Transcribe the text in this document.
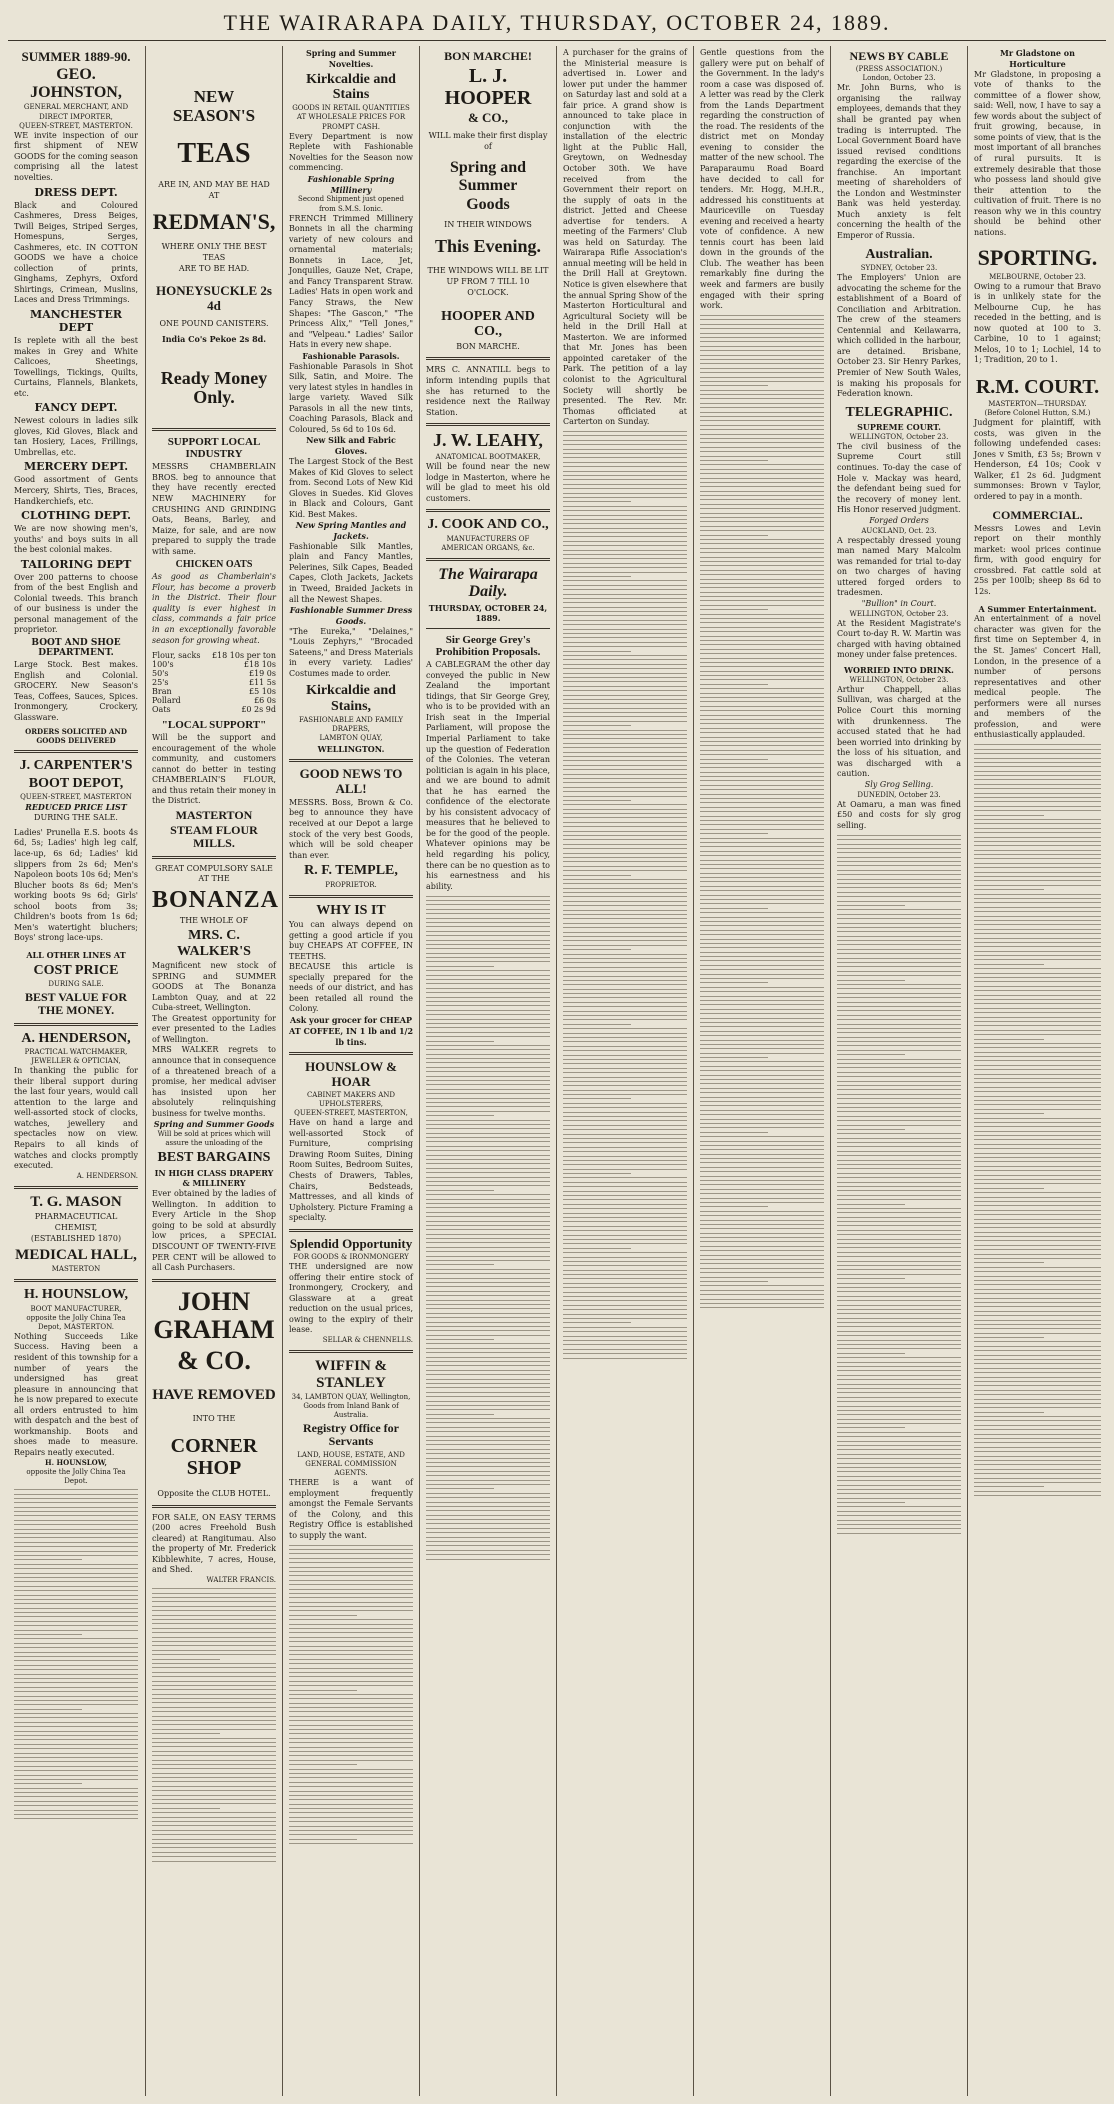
THE WAIRARAPA DAILY, THURSDAY, OCTOBER 24, 1889.
SUMMER 1889-90.
GEO. JOHNSTON,
GENERAL MERCHANT, AND DIRECT IMPORTER,
QUEEN-STREET, MASTERTON.
WE invite inspection of our first shipment of NEW GOODS for the coming season comprising all the latest novelties.
DRESS DEPT.
Black and Coloured Cashmeres, Dress Beiges, Twill Beiges, Striped Serges, Homespuns, Serges, Cashmeres, etc. IN COTTON GOODS we have a choice collection of prints, Ginghams, Zephyrs, Oxford Shirtings, Crimean, Muslins, Laces and Dress Trimmings.
MANCHESTER DEPT
Is replete with all the best makes in Grey and White Calicoes, Sheetings, Towellings, Tickings, Quilts, Curtains, Flannels, Blankets, etc.
FANCY DEPT.
Newest colours in ladies silk gloves, Kid Gloves, Black and tan Hosiery, Laces, Frillings, Umbrellas, etc.
MERCERY DEPT.
Good assortment of Gents Mercery, Shirts, Ties, Braces, Handkerchiefs, etc.
CLOTHING DEPT.
We are now showing men's, youths' and boys suits in all the best colonial makes.
TAILORING DEPT
Over 200 patterns to choose from of the best English and Colonial tweeds. This branch of our business is under the personal management of the proprietor.
BOOT AND SHOE DEPARTMENT.
Large Stock. Best makes. English and Colonial. GROCERY. New Season's Teas, Coffees, Sauces, Spices. Ironmongery, Crockery, Glassware.
ORDERS SOLICITED AND GOODS DELIVERED
J. CARPENTER'S
BOOT DEPOT,
QUEEN-STREET, MASTERTON
REDUCED PRICE LIST
DURING THE SALE.
Ladies' Prunella E.S. boots 4s 6d, 5s; Ladies' high leg calf, lace-up, 6s 6d; Ladies' kid slippers from 2s 6d; Men's Napoleon boots 10s 6d; Men's Blucher boots 8s 6d; Men's working boots 9s 6d; Girls' school boots from 3s; Children's boots from 1s 6d; Men's watertight bluchers; Boys' strong lace-ups.
ALL OTHER LINES AT
COST PRICE
DURING SALE.
BEST VALUE FOR THE MONEY.
A. HENDERSON,
PRACTICAL WATCHMAKER, JEWELLER & OPTICIAN,
In thanking the public for their liberal support during the last four years, would call attention to the large and well-assorted stock of clocks, watches, jewellery and spectacles now on view. Repairs to all kinds of watches and clocks promptly executed.
A. HENDERSON.
T. G. MASON
PHARMACEUTICAL CHEMIST,
(ESTABLISHED 1870)
MEDICAL HALL,
MASTERTON
H. HOUNSLOW,
BOOT MANUFACTURER,
opposite the Jolly China Tea Depot, MASTERTON.
Nothing Succeeds Like Success. Having been a resident of this township for a number of years the undersigned has great pleasure in announcing that he is now prepared to execute all orders entrusted to him with despatch and the best of workmanship. Boots and shoes made to measure. Repairs neatly executed.
H. HOUNSLOW,
opposite the Jolly China Tea Depot.
NEW SEASON'S
TEAS
ARE IN, AND MAY BE HAD AT
REDMAN'S,
WHERE ONLY THE BEST TEAS
ARE TO BE HAD.
HONEYSUCKLE 2s 4d
ONE POUND CANISTERS.
India Co's Pekoe 2s 8d.
Ready Money Only.
SUPPORT LOCAL INDUSTRY
MESSRS CHAMBERLAIN BROS. beg to announce that they have recently erected NEW MACHINERY for CRUSHING AND GRINDING Oats, Beans, Barley, and Maize, for sale, and are now prepared to supply the trade with same.
CHICKEN OATS
As good as Chamberlain's Flour, has become a proverb in the District. Their flour quality is ever highest in class, commands a fair price in an exceptionally favorable season for growing wheat.
Flour, sacks £18 10s per ton
100's	£18 10s
50's	£19 0s
25's	£11 5s
Bran	£5 10s
Pollard	£6 0s
Oats	£0 2s 9d
"LOCAL SUPPORT"
Will be the support and encouragement of the whole community, and customers cannot do better in testing CHAMBERLAIN'S FLOUR, and thus retain their money in the District.
MASTERTON
STEAM FLOUR MILLS.
GREAT COMPULSORY SALE AT THE
BONANZA
THE WHOLE OF
MRS. C. WALKER'S
Magnificent new stock of SPRING and SUMMER GOODS at The Bonanza Lambton Quay, and at 22 Cuba-street, Wellington.
The Greatest opportunity for ever presented to the Ladies of Wellington.
MRS WALKER regrets to announce that in consequence of a threatened breach of a promise, her medical adviser has insisted upon her absolutely relinquishing business for twelve months.
Spring and Summer Goods
Will be sold at prices which will assure the unloading of the
BEST BARGAINS
IN HIGH CLASS DRAPERY & MILLINERY
Ever obtained by the ladies of Wellington. In addition to Every Article in the Shop going to be sold at absurdly low prices, a SPECIAL DISCOUNT OF TWENTY-FIVE PER CENT will be allowed to all Cash Purchasers.
JOHN GRAHAM
& CO.
HAVE REMOVED
INTO THE
CORNER SHOP
Opposite the CLUB HOTEL.
FOR SALE, ON EASY TERMS (200 acres Freehold Bush cleared) at Rangitumau. Also the property of Mr. Frederick Kibblewhite, 7 acres, House, and Shed.
WALTER FRANCIS.
Spring and Summer Novelties.
Kirkcaldie and Stains
GOODS IN RETAIL QUANTITIES AT WHOLESALE PRICES FOR PROMPT CASH.
Every Department is now Replete with Fashionable Novelties for the Season now commencing.
Fashionable Spring Millinery
Second Shipment just opened from S.M.S. Ionic.
FRENCH Trimmed Millinery Bonnets in all the charming variety of new colours and ornamental materials; Bonnets in Lace, Jet, Jonquilles, Gauze Net, Crape, and Fancy Transparent Straw. Ladies' Hats in open work and Fancy Straws, the New Shapes: "The Gascon," "The Princess Alix," "Tell Jones," and "Velpeau." Ladies' Sailor Hats in every new shape.
Fashionable Parasols.
Fashionable Parasols in Shot Silk, Satin, and Moire. The very latest styles in handles in large variety. Waved Silk Parasols in all the new tints, Coaching Parasols, Black and Coloured, 5s 6d to 10s 6d.
New Silk and Fabric Gloves.
The Largest Stock of the Best Makes of Kid Gloves to select from. Second Lots of New Kid Gloves in Suedes. Kid Gloves in Black and Colours, Gant Kid. Best Makes.
New Spring Mantles and Jackets.
Fashionable Silk Mantles, plain and Fancy Mantles, Pelerines, Silk Capes, Beaded Capes, Cloth Jackets, Jackets in Tweed, Braided Jackets in all the Newest Shapes.
Fashionable Summer Dress Goods.
"The Eureka," "Delaines," "Louis Zephyrs," "Brocaded Sateens," and Dress Materials in every variety. Ladies' Costumes made to order.
Kirkcaldie and Stains,
FASHIONABLE AND FAMILY DRAPERS,
LAMBTON QUAY,
WELLINGTON.
GOOD NEWS TO ALL!
MESSRS. Boss, Brown & Co. beg to announce they have received at our Depot a large stock of the very best Goods, which will be sold cheaper than ever.
R. F. TEMPLE,
PROPRIETOR.
WHY IS IT
You can always depend on getting a good article if you buy CHEAPS AT COFFEE, IN TEETHS.
BECAUSE this article is specially prepared for the needs of our district, and has been retailed all round the Colony.
Ask your grocer for CHEAP AT COFFEE, IN 1 lb and 1/2 lb tins.
HOUNSLOW & HOAR
CABINET MAKERS AND UPHOLSTERERS,
QUEEN-STREET, MASTERTON,
Have on hand a large and well-assorted Stock of Furniture, comprising Drawing Room Suites, Dining Room Suites, Bedroom Suites, Chests of Drawers, Tables, Chairs, Bedsteads, Mattresses, and all kinds of Upholstery. Picture Framing a specialty.
Splendid Opportunity
FOR GOODS & IRONMONGERY
THE undersigned are now offering their entire stock of Ironmongery, Crockery, and Glassware at a great reduction on the usual prices, owing to the expiry of their lease.
SELLAR & CHENNELLS.
WIFFIN & STANLEY
34, LAMBTON QUAY, Wellington,
Goods from Inland Bank of Australia.
Registry Office for Servants
LAND, HOUSE, ESTATE, AND GENERAL COMMISSION AGENTS.
THERE is a want of employment frequently amongst the Female Servants of the Colony, and this Registry Office is established to supply the want.
BON MARCHE!
L. J. HOOPER
& CO.,
WILL make their first display of
Spring and Summer
Goods
IN THEIR WINDOWS
This Evening.
THE WINDOWS WILL BE LIT UP FROM 7 TILL 10 O'CLOCK.
HOOPER AND CO.,
BON MARCHE.
MRS C. ANNATILL begs to inform intending pupils that she has returned to the residence next the Railway Station.
J. W. LEAHY,
ANATOMICAL BOOTMAKER,
Will be found near the new lodge in Masterton, where he will be glad to meet his old customers.
J. COOK AND CO.,
MANUFACTURERS OF AMERICAN ORGANS, &c.
The Wairarapa Daily.
THURSDAY, OCTOBER 24, 1889.
Sir George Grey's Prohibition Proposals.
A CABLEGRAM the other day conveyed the public in New Zealand the important tidings, that Sir George Grey, who is to be provided with an Irish seat in the Imperial Parliament, will propose the Imperial Parliament to take up the question of Federation of the Colonies. The veteran politician is again in his place, and we are bound to admit that he has earned the confidence of the electorate by his consistent advocacy of measures that he believed to be for the good of the people. Whatever opinions may be held regarding his policy, there can be no question as to his earnestness and his ability.
A purchaser for the grains of the Ministerial measure is advertised in. Lower and lower put under the hammer on Saturday last and sold at a fair price. A grand show is announced to take place in conjunction with the installation of the electric light at the Public Hall, Greytown, on Wednesday October 30th. We have received from the Government their report on the supply of oats in the district. Jetted and Cheese advertise for tenders. A meeting of the Farmers' Club was held on Saturday. The Wairarapa Rifle Association's annual meeting will be held in the Drill Hall at Greytown. Notice is given elsewhere that the annual Spring Show of the Masterton Horticultural and Agricultural Society will be held in the Drill Hall at Masterton. We are informed that Mr. Jones has been appointed caretaker of the Park. The petition of a lay colonist to the Agricultural Society will shortly be presented. The Rev. Mr. Thomas officiated at Carterton on Sunday.
Gentle questions from the gallery were put on behalf of the Government. In the lady's room a case was disposed of. A letter was read by the Clerk from the Lands Department regarding the construction of the road. The residents of the district met on Monday evening to consider the matter of the new school. The Paraparaumu Road Board have decided to call for tenders. Mr. Hogg, M.H.R., addressed his constituents at Mauriceville on Tuesday evening and received a hearty vote of confidence. A new tennis court has been laid down in the grounds of the Club. The weather has been remarkably fine during the week and farmers are busily engaged with their spring work.
NEWS BY CABLE
(PRESS ASSOCIATION.)
London, October 23.
Mr. John Burns, who is organising the railway employees, demands that they shall be granted pay when trading is interrupted. The Local Government Board have issued revised conditions regarding the exercise of the franchise. An important meeting of shareholders of the London and Westminster Bank was held yesterday. Much anxiety is felt concerning the health of the Emperor of Russia.
Australian.
SYDNEY, October 23.
The Employers' Union are advocating the scheme for the establishment of a Board of Conciliation and Arbitration. The crew of the steamers Centennial and Keilawarra, which collided in the harbour, are detained. Brisbane, October 23. Sir Henry Parkes, Premier of New South Wales, is making his proposals for Federation known.
TELEGRAPHIC.
SUPREME COURT.
WELLINGTON, October 23.
The civil business of the Supreme Court still continues. To-day the case of Hole v. Mackay was heard, the defendant being sued for the recovery of money lent. His Honor reserved judgment.
Forged Orders
AUCKLAND, Oct. 23.
A respectably dressed young man named Mary Malcolm was remanded for trial to-day on two charges of having uttered forged orders to tradesmen.
"Bullion" in Court.
WELLINGTON, October 23.
At the Resident Magistrate's Court to-day R. W. Martin was charged with having obtained money under false pretences.
WORRIED INTO DRINK.
WELLINGTON, October 23.
Arthur Chappell, alias Sullivan, was charged at the Police Court this morning with drunkenness. The accused stated that he had been worried into drinking by the loss of his situation, and was discharged with a caution.
Sly Grog Selling.
DUNEDIN, October 23.
At Oamaru, a man was fined £50 and costs for sly grog selling.
Mr Gladstone on Horticulture
Mr Gladstone, in proposing a vote of thanks to the committee of a flower show, said: Well, now, I have to say a few words about the subject of fruit growing, because, in some points of view, that is the most important of all branches of rural pursuits. It is extremely desirable that those who possess land should give their attention to the cultivation of fruit. There is no reason why we in this country should be behind other nations.
SPORTING.
MELBOURNE, October 23.
Owing to a rumour that Bravo is in unlikely state for the Melbourne Cup, he has receded in the betting, and is now quoted at 100 to 3. Carbine, 10 to 1 against; Melos, 10 to 1; Lochiel, 14 to 1; Tradition, 20 to 1.
R.M. COURT.
MASTERTON—THURSDAY.
(Before Colonel Hutton, S.M.)
Judgment for plaintiff, with costs, was given in the following undefended cases: Jones v Smith, £3 5s; Brown v Henderson, £4 10s; Cook v Walker, £1 2s 6d. Judgment summonses: Brown v Taylor, ordered to pay in a month.
COMMERCIAL.
Messrs Lowes and Levin report on their monthly market: wool prices continue firm, with good enquiry for crossbred. Fat cattle sold at 25s per 100lb; sheep 8s 6d to 12s.
A Summer Entertainment.
An entertainment of a novel character was given for the first time on September 4, in the St. James' Concert Hall, London, in the presence of a number of persons representatives and other medical people. The performers were all nurses and members of the profession, and were enthusiastically applauded.
